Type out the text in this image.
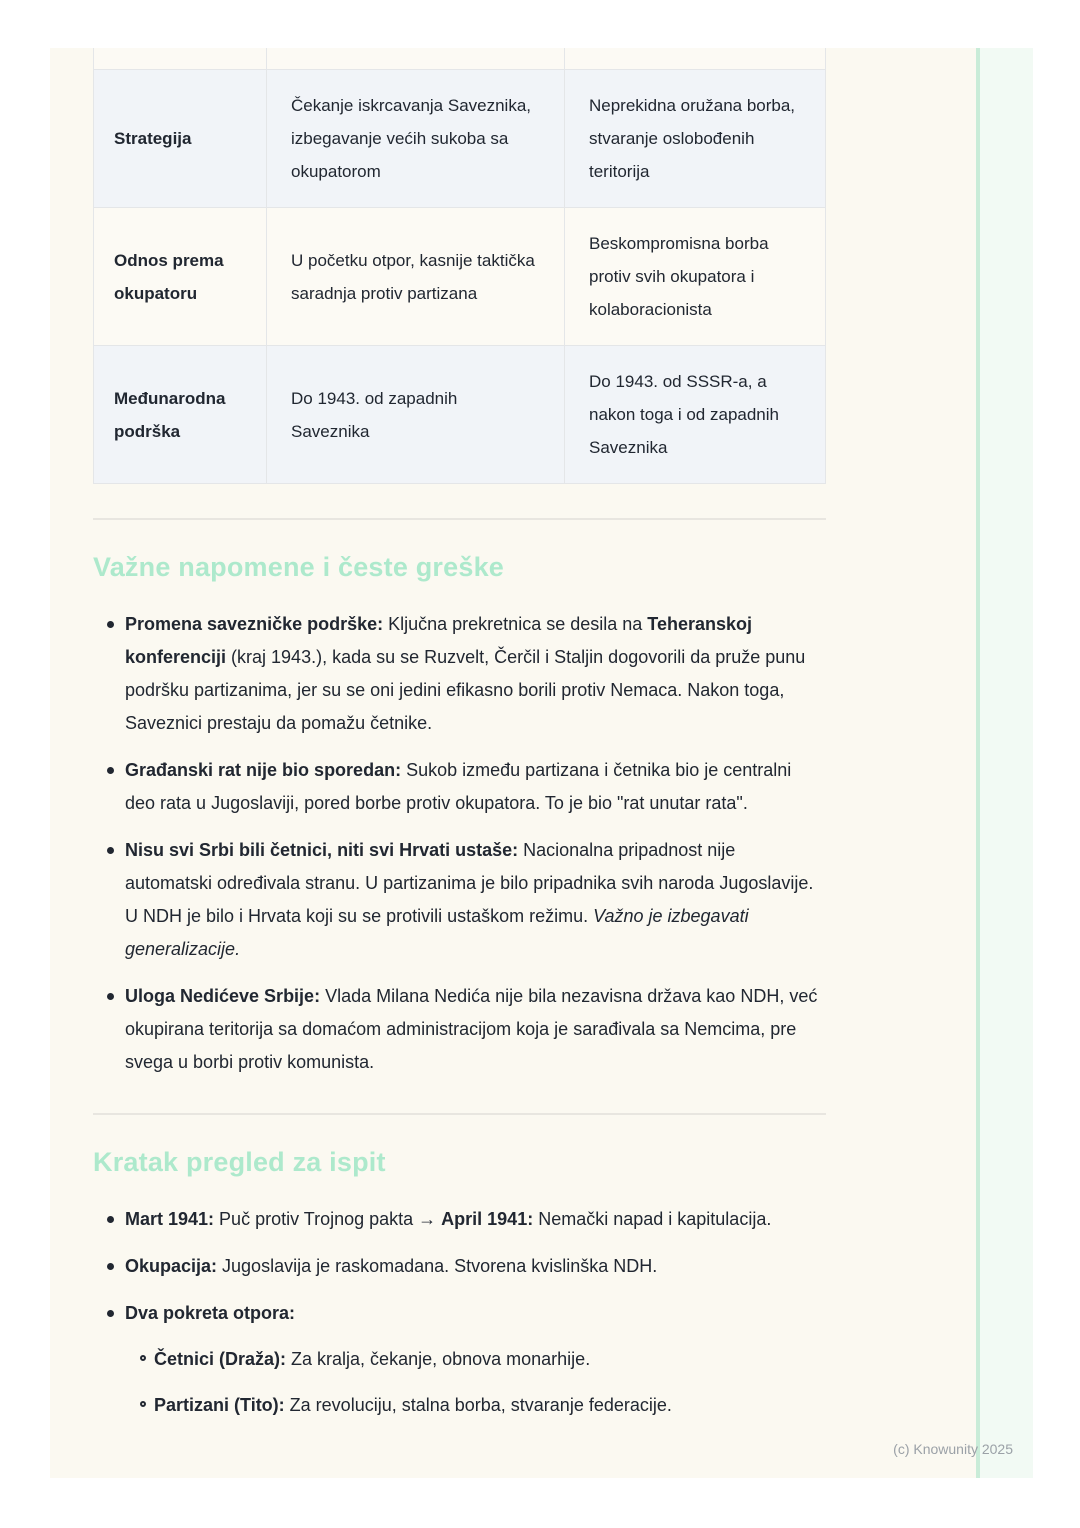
Strategija
Čekanje iskrcavanja Saveznika, izbegavanje većih sukoba sa okupatorom
Neprekidna oružana borba, stvaranje oslobođenih teritorija
Odnos prema okupatoru
U početku otpor, kasnije taktička saradnja protiv partizana
Beskompromisna borba protiv svih okupatora i kolaboracionista
Međunarodna podrška
Do 1943. od zapadnih Saveznika
Do 1943. od SSSR-a, a nakon toga i od zapadnih Saveznika
Važne napomene i česte greške

Promena savezničke podrške: Ključna prekretnica se desila na Teheranskoj konferenciji (kraj 1943.), kada su se Ruzvelt, Čerčil i Staljin dogovorili da pruže punu podršku partizanima, jer su se oni jedini efikasno borili protiv Nemaca. Nakon toga, Saveznici prestaju da pomažu četnike.

Građanski rat nije bio sporedan: Sukob između partizana i četnika bio je centralni deo rata u Jugoslaviji, pored borbe protiv okupatora. To je bio "rat unutar rata".

Nisu svi Srbi bili četnici, niti svi Hrvati ustaše: Nacionalna pripadnost nije automatski određivala stranu. U partizanima je bilo pripadnika svih naroda Jugoslavije. U NDH je bilo i Hrvata koji su se protivili ustaškom režimu. Važno je izbegavati generalizacije.

Uloga Nedićeve Srbije: Vlada Milana Nedića nije bila nezavisna država kao NDH, već okupirana teritorija sa domaćom administracijom koja je sarađivala sa Nemcima, pre svega u borbi protiv komunista.

Kratak pregled za ispit

Mart 1941: Puč protiv Trojnog pakta → April 1941: Nemački napad i kapitulacija.

Okupacija: Jugoslavija je raskomadana. Stvorena kvislinška NDH.

Dva pokreta otpora:

Četnici (Draža): Za kralja, čekanje, obnova monarhije.

Partizani (Tito): Za revoluciju, stalna borba, stvaranje federacije.

(c) Knowunity 2025
